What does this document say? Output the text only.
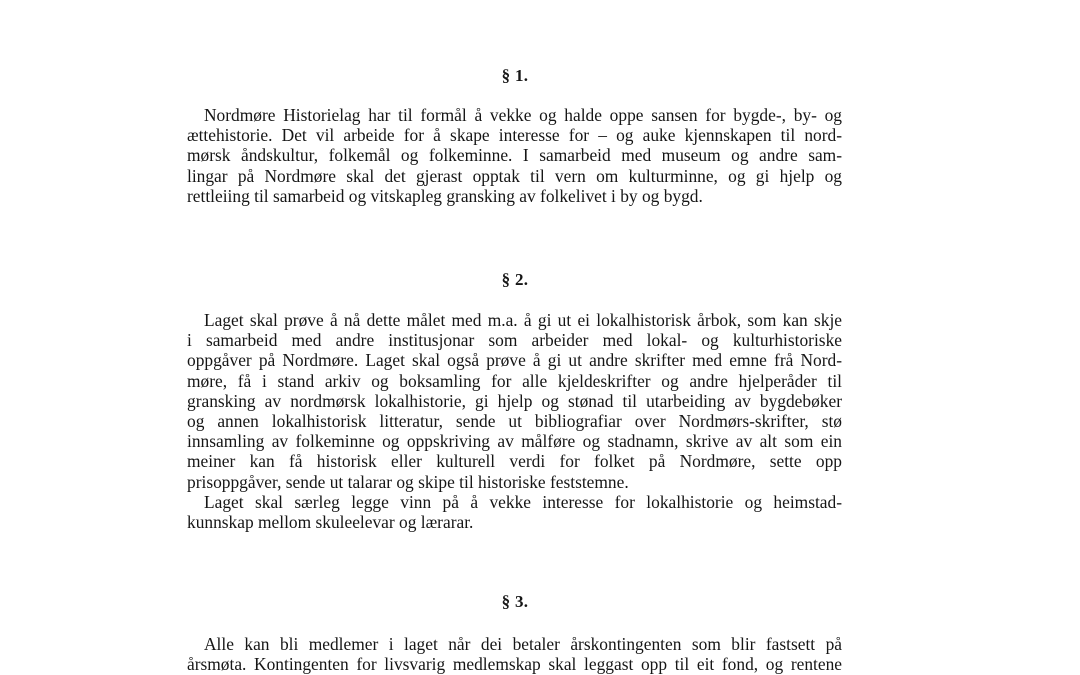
§ 1.
Nordmøre Historielag har til formål å vekke og halde oppe sansen for bygde-, by- og
ættehistorie. Det vil arbeide for å skape interesse for – og auke kjennskapen til nord-
mørsk åndskultur, folkemål og folkeminne. I samarbeid med museum og andre sam-
lingar på Nordmøre skal det gjerast opptak til vern om kulturminne, og gi hjelp og
rettleiing til samarbeid og vitskapleg gransking av folkelivet i by og bygd.
§ 2.
Laget skal prøve å nå dette målet med m.a. å gi ut ei lokalhistorisk årbok, som kan skje
i samarbeid med andre institusjonar som arbeider med lokal- og kulturhistoriske
oppgåver på Nordmøre. Laget skal også prøve å gi ut andre skrifter med emne frå Nord-
møre, få i stand arkiv og boksamling for alle kjeldeskrifter og andre hjelperåder til
gransking av nordmørsk lokalhistorie, gi hjelp og stønad til utarbeiding av bygdebøker
og annen lokalhistorisk litteratur, sende ut bibliografiar over Nordmørs-skrifter, stø
innsamling av folkeminne og oppskriving av målføre og stadnamn, skrive av alt som ein
meiner kan få historisk eller kulturell verdi for folket på Nordmøre, sette opp
prisoppgåver, sende ut talarar og skipe til historiske feststemne.
Laget skal særleg legge vinn på å vekke interesse for lokalhistorie og heimstad-
kunnskap mellom skuleelevar og lærarar.
§ 3.
Alle kan bli medlemer i laget når dei betaler årskontingenten som blir fastsett på
årsmøta. Kontingenten for livsvarig medlemskap skal leggast opp til eit fond, og rentene
